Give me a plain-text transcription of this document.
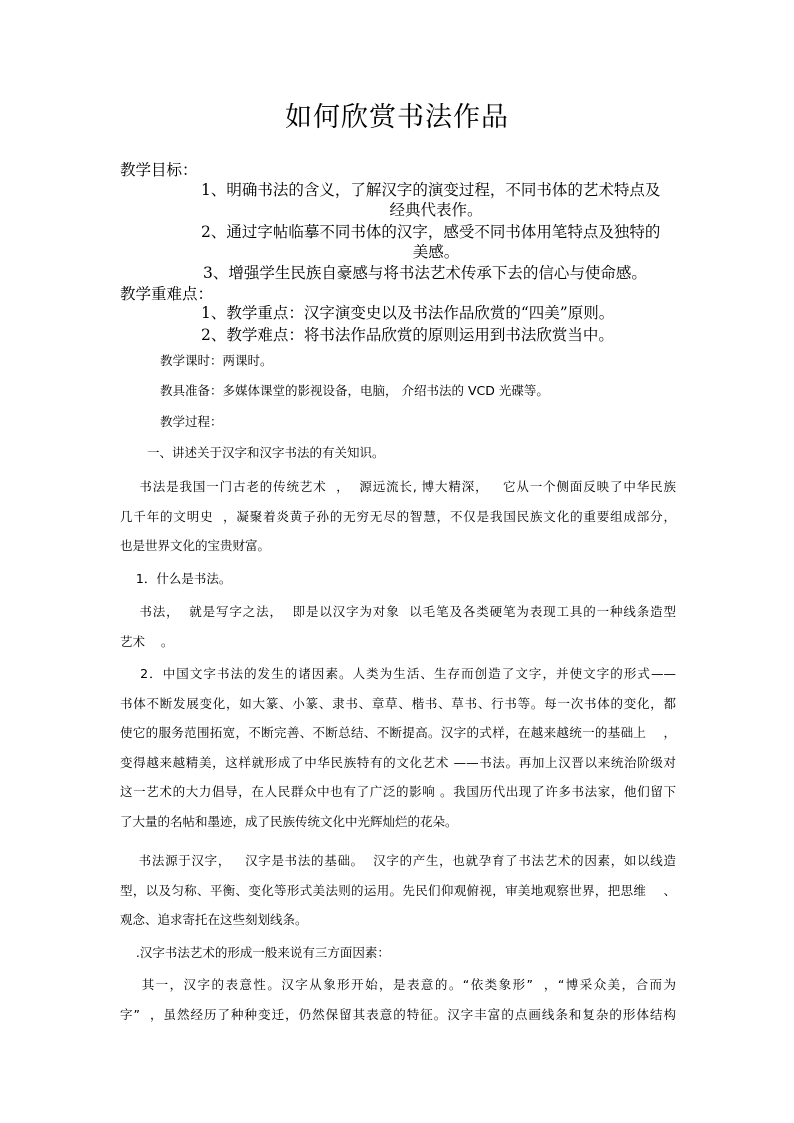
如何欣赏书法作品
教学目标：
1、明确书法的含义，了解汉字的演变过程，不同书体的艺术特点及
经典代表作。
2、通过字帖临摹不同书体的汉字，感受不同书体用笔特点及独特的
美感。
3、增强学生民族自豪感与将书法艺术传承下去的信心与使命感。
教学重难点：
1、教学重点：汉字演变史以及书法作品欣赏的“四美”原则。
2、教学难点：将书法作品欣赏的原则运用到书法欣赏当中。
教学课时：两课时。
教具准备：多媒体课堂的影视设备，电脑， 介绍书法的 VCD 光碟等。
教学过程：
一、讲述关于汉字和汉字书法的有关知识。
书法是我国一门古老的传统艺术  ，  源远流长, 博大精深，   它从一个侧面反映了中华民族
几千年的文明史  ，凝聚着炎黄子孙的无穷无尽的智慧，不仅是我国民族文化的重要组成部分，
也是世界文化的宝贵财富。
1．什么是书法。
书法，  就是写字之法，  即是以汉字为对象  以毛笔及各类硬笔为表现工具的一种线条造型
艺术    。
2．中国文字书法的发生的诸因素。人类为生活、生存而创造了文字，并使文字的形式——
书体不断发展变化，如大篆、小篆、隶书、章草、楷书、草书、行书等。每一次书体的变化，都
使它的服务范围拓宽，不断完善、不断总结、不断提高。汉字的式样，在越来越统一的基础上    ，
变得越来越精美，这样就形成了中华民族特有的文化艺术 ——书法。再加上汉晋以来统治阶级对
这一艺术的大力倡导，在人民群众中也有了广泛的影响 。我国历代出现了许多书法家，他们留下
了大量的名帖和墨迹，成了民族传统文化中光辉灿烂的花朵。
书法源于汉字，   汉字是书法的基础。  汉字的产生，也就孕育了书法艺术的因素，如以线造
型，以及匀称、平衡、变化等形式美法则的运用。先民们仰观俯视，审美地观察世界，把思维    、
观念、追求寄托在这些刻划线条。
.汉字书法艺术的形成一般来说有三方面因素：
其一，汉字的表意性。汉字从象形开始，是表意的。“依类象形”  ，“博采众美，合而为
字”  ，虽然经历了种种变迁，仍然保留其表意的特征。汉字丰富的点画线条和复杂的形体结构
